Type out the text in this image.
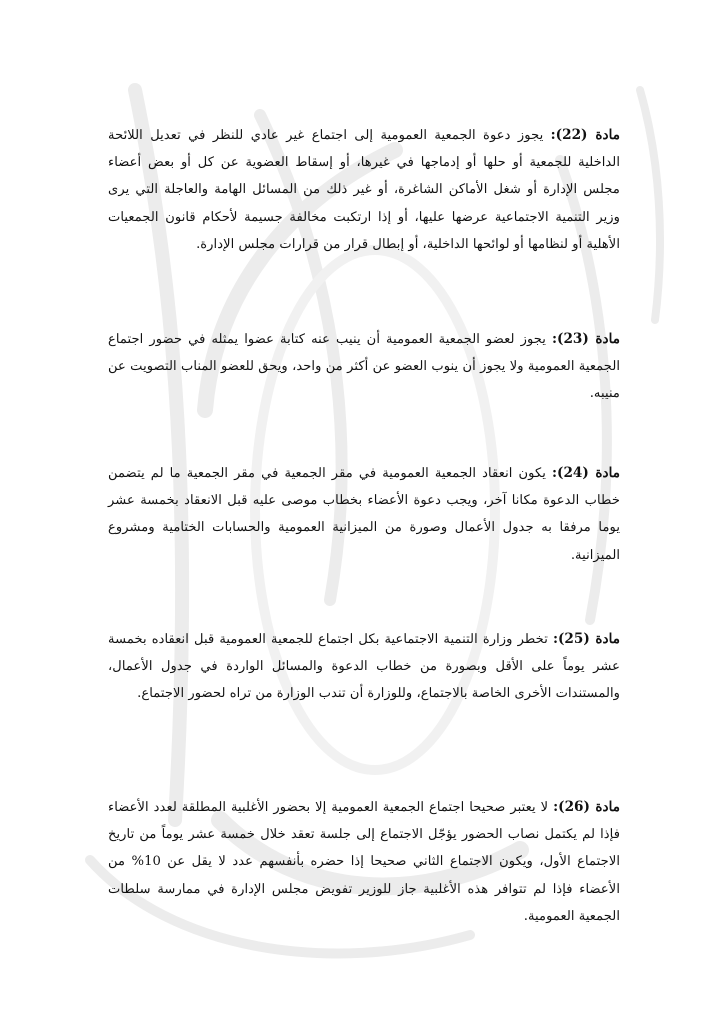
مادة (22): يجوز دعوة الجمعية العمومية إلى اجتماع غير عادي للنظر في تعديل اللائحة الداخلية للجمعية أو حلها أو إدماجها في غيرها، أو إسقاط العضوية عن كل أو بعض أعضاء مجلس الإدارة أو شغل الأماكن الشاغرة، أو غير ذلك من المسائل الهامة والعاجلة التي يرى وزير التنمية الاجتماعية عرضها عليها، أو إذا ارتكبت مخالفة جسيمة لأحكام قانون الجمعيات الأهلية أو لنظامها أو لوائحها الداخلية، أو إبطال قرار من قرارات مجلس الإدارة.

مادة (23): يجوز لعضو الجمعية العمومية أن ينيب عنه كتابة عضوا يمثله في حضور اجتماع الجمعية العمومية ولا يجوز أن ينوب العضو عن أكثر من واحد، ويحق للعضو المناب التصويت عن منيبه.

مادة (24): يكون انعقاد الجمعية العمومية في مقر الجمعية في مقر الجمعية ما لم يتضمن خطاب الدعوة مكانا آخر، ويجب دعوة الأعضاء بخطاب موصى عليه قبل الانعقاد بخمسة عشر يوما مرفقا به جدول الأعمال وصورة من الميزانية العمومية والحسابات الختامية ومشروع الميزانية.

مادة (25): تخطر وزارة التنمية الاجتماعية بكل اجتماع للجمعية العمومية قبل انعقاده بخمسة عشر يوماً على الأقل وبصورة من خطاب الدعوة والمسائل الواردة في جدول الأعمال، والمستندات الأخرى الخاصة بالاجتماع، وللوزارة أن تندب الوزارة من تراه لحضور الاجتماع.

مادة (26): لا يعتبر صحيحا اجتماع الجمعية العمومية إلا بحضور الأغلبية المطلقة لعدد الأعضاء فإذا لم يكتمل نصاب الحضور يؤجّل الاجتماع إلى جلسة تعقد خلال خمسة عشر يوماً من تاريخ الاجتماع الأول، ويكون الاجتماع الثاني صحيحا إذا حضره بأنفسهم عدد لا يقل عن 10% من الأعضاء فإذا لم تتوافر هذه الأغلبية جاز للوزير تفويض مجلس الإدارة في ممارسة سلطات الجمعية العمومية.
